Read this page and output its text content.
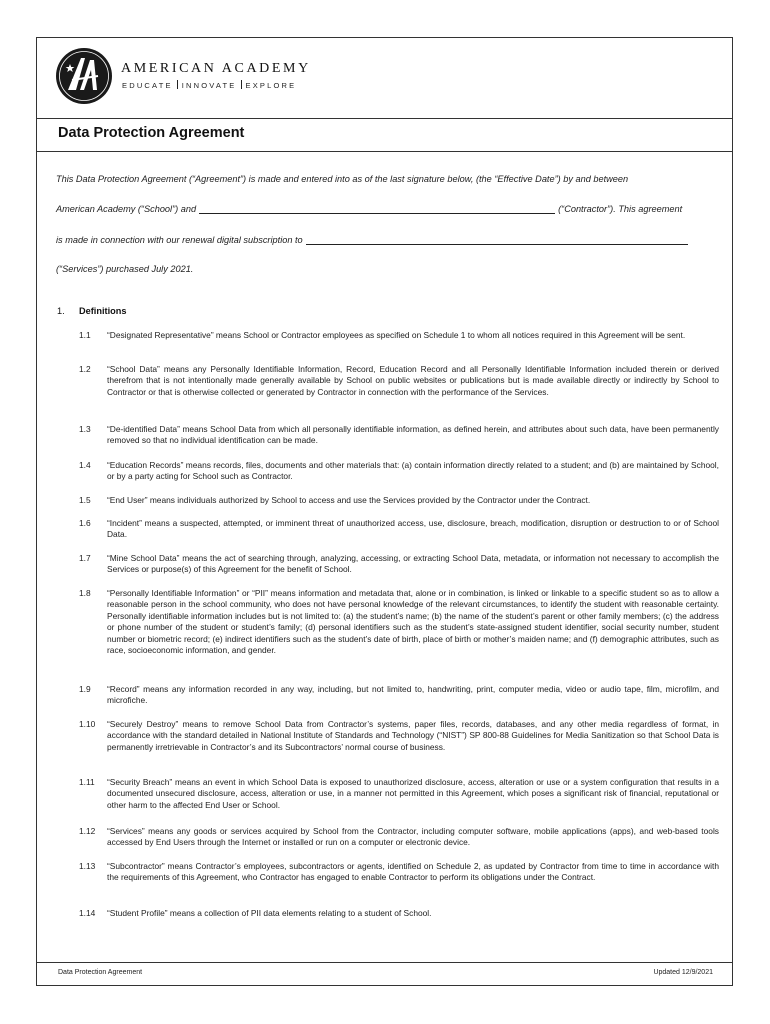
AMERICAN ACADEMY
EDUCATE INNOVATE EXPLORE
Data Protection Agreement
This Data Protection Agreement (“Agreement”) is made and entered into as of the last signature below, (the “Effective Date”) by and between
American Academy (“School”) and	(“Contractor”). This agreement
is made in connection with our renewal digital subscription to
(“Services”) purchased July 2021.
1. Definitions
1.1	“Designated Representative” means School or Contractor employees as specified on Schedule 1 to whom all notices required in this Agreement will be sent.
1.2	“School Data” means any Personally Identifiable Information, Record, Education Record and all Personally Identifiable Information included therein or derived therefrom that is not intentionally made generally available by School on public websites or publications but is made available directly or indirectly by School to Contractor or that is otherwise collected or generated by Contractor in connection with the performance of the Services.
1.3	“De-identified Data” means School Data from which all personally identifiable information, as defined herein, and attributes about such data, have been permanently removed so that no individual identification can be made.
1.4	“Education Records” means records, files, documents and other materials that: (a) contain information directly related to a student; and (b) are maintained by School, or by a party acting for School such as Contractor.
1.5	“End User” means individuals authorized by School to access and use the Services provided by the Contractor under the Contract.
1.6	“Incident” means a suspected, attempted, or imminent threat of unauthorized access, use, disclosure, breach, modification, disruption or destruction to or of School Data.
1.7	“Mine School Data” means the act of searching through, analyzing, accessing, or extracting School Data, metadata, or information not necessary to accomplish the Services or purpose(s) of this Agreement for the benefit of School.
1.8	“Personally Identifiable Information” or “PII” means information and metadata that, alone or in combination, is linked or linkable to a specific student so as to allow a reasonable person in the school community, who does not have personal knowledge of the relevant circumstances, to identify the student with reasonable certainty. Personally identifiable information includes but is not limited to: (a) the student’s name; (b) the name of the student’s parent or other family members; (c) the address or phone number of the student or student’s family; (d) personal identifiers such as the student’s state-assigned student identifier, social security number, student number or biometric record; (e) indirect identifiers such as the student’s date of birth, place of birth or mother’s maiden name; and (f) demographic attributes, such as race, socioeconomic information, and gender.
1.9	“Record” means any information recorded in any way, including, but not limited to, handwriting, print, computer media, video or audio tape, film, microfilm, and microfiche.
1.10	“Securely Destroy” means to remove School Data from Contractor’s systems, paper files, records, databases, and any other media regardless of format, in accordance with the standard detailed in National Institute of Standards and Technology (“NIST”) SP 800-88 Guidelines for Media Sanitization so that School Data is permanently irretrievable in Contractor’s and its Subcontractors’ normal course of business.
1.11	“Security Breach” means an event in which School Data is exposed to unauthorized disclosure, access, alteration or use or a system configuration that results in a documented unsecured disclosure, access, alteration or use, in a manner not permitted in this Agreement, which poses a significant risk of financial, reputational or other harm to the affected End User or School.
1.12	“Services” means any goods or services acquired by School from the Contractor, including computer software, mobile applications (apps), and web-based tools accessed by End Users through the Internet or installed or run on a computer or electronic device.
1.13	“Subcontractor” means Contractor’s employees, subcontractors or agents, identified on Schedule 2, as updated by Contractor from time to time in accordance with the requirements of this Agreement, who Contractor has engaged to enable Contractor to perform its obligations under the Contract.
1.14	“Student Profile” means a collection of PII data elements relating to a student of School.
Data Protection Agreement	Updated 12/9/2021
